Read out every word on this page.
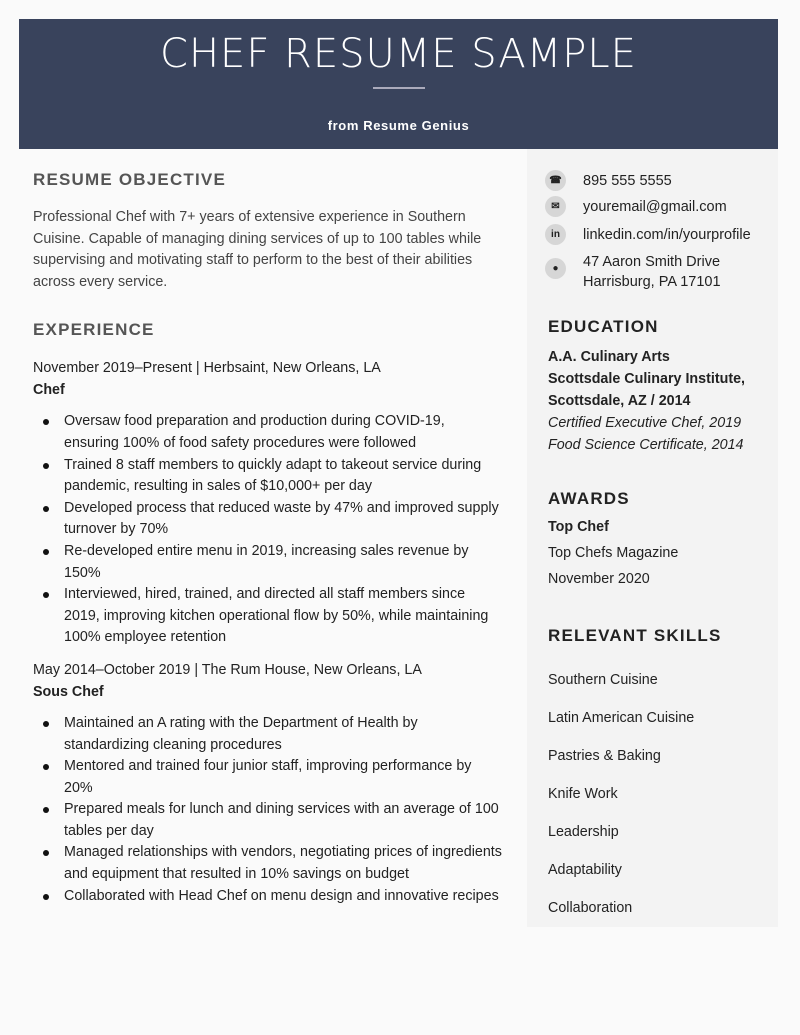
CHEF RESUME SAMPLE
from Resume Genius
RESUME OBJECTIVE

Professional Chef with 7+ years of extensive experience in Southern Cuisine. Capable of managing dining services of up to 100 tables while supervising and motivating staff to perform to the best of their abilities across every service.

EXPERIENCE
November 2019–Present | Herbsaint, New Orleans, LA
Chef
Oversaw food preparation and production during COVID-19, ensuring 100% of food safety procedures were followed
Trained 8 staff members to quickly adapt to takeout service during pandemic, resulting in sales of $10,000+ per day
Developed process that reduced waste by 47% and improved supply turnover by 70%
Re-developed entire menu in 2019, increasing sales revenue by 150%
Interviewed, hired, trained, and directed all staff members since 2019, improving kitchen operational flow by 50%, while maintaining 100% employee retention
May 2014–October 2019 | The Rum House, New Orleans, LA
Sous Chef
Maintained an A rating with the Department of Health by standardizing cleaning procedures
Mentored and trained four junior staff, improving performance by 20%
Prepared meals for lunch and dining services with an average of 100 tables per day
Managed relationships with vendors, negotiating prices of ingredients and equipment that resulted in 10% savings on budget
Collaborated with Head Chef on menu design and innovative recipes
☎ 895 555 5555
✉	youremail@gmail.com
in	linkedin.com/in/yourprofile
●	47 Aaron Smith Drive
Harrisburg, PA 17101
EDUCATION
A.A. Culinary Arts
Scottsdale Culinary Institute,
Scottsdale, AZ / 2014
Certified Executive Chef, 2019
Food Science Certificate, 2014
AWARDS
Top Chef
Top Chefs Magazine
November 2020
RELEVANT SKILLS
Southern Cuisine
Latin American Cuisine
Pastries & Baking
Knife Work
Leadership
Adaptability
Collaboration
